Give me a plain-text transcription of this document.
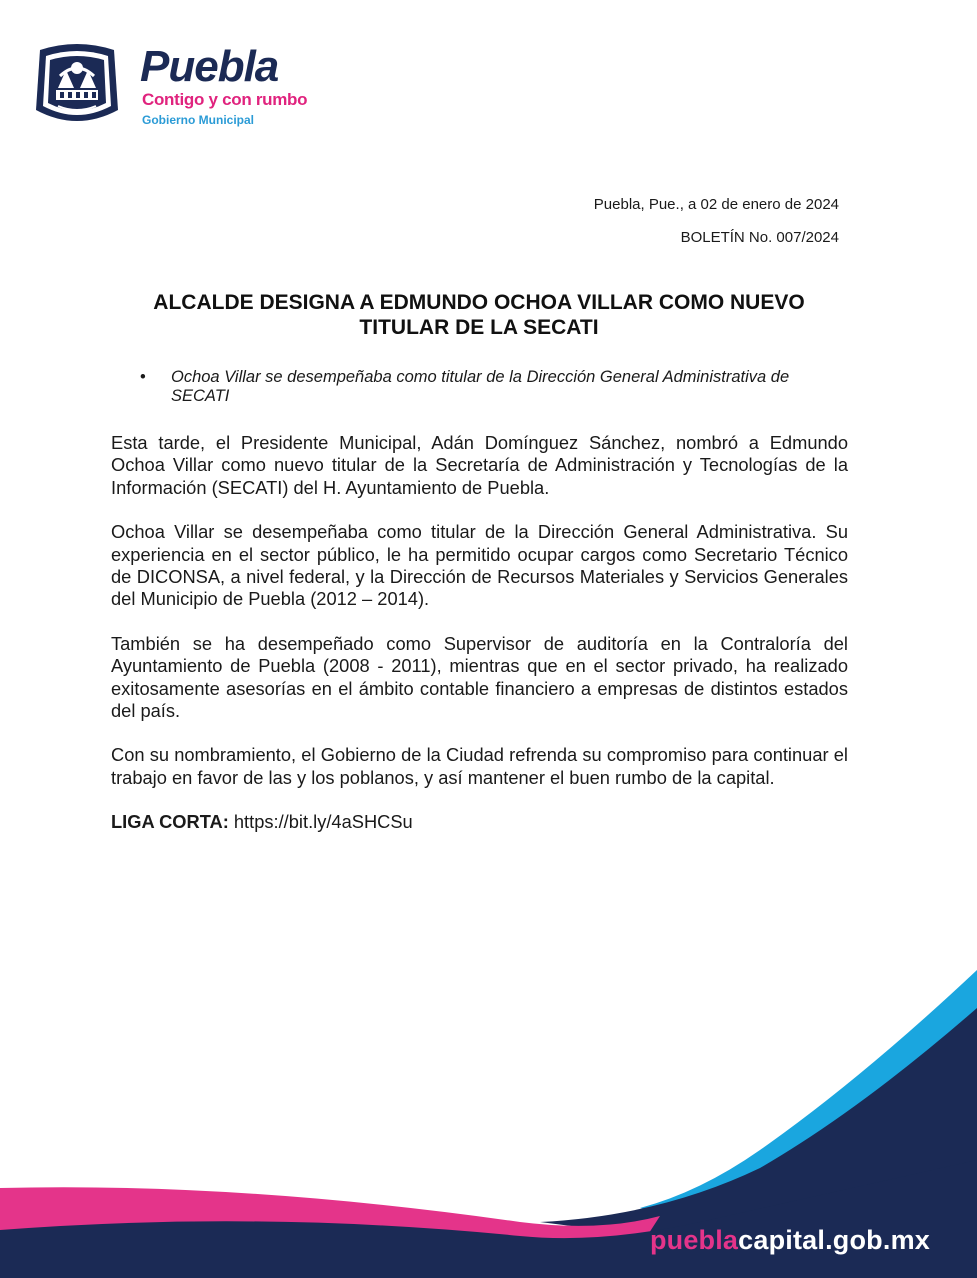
Puebla
Contigo y con rumbo
Gobierno Municipal
Puebla, Pue., a 02 de enero de 2024
BOLETÍN No. 007/2024
ALCALDE DESIGNA A EDMUNDO OCHOA VILLAR COMO NUEVO
TITULAR DE LA SECATI
• Ochoa Villar se desempeñaba como titular de la Dirección General Administrativa de SECATI

Esta tarde, el Presidente Municipal, Adán Domínguez Sánchez, nombró a Edmundo Ochoa Villar como nuevo titular de la Secretaría de Administración y Tecnologías de la Información (SECATI) del H. Ayuntamiento de Puebla.

Ochoa Villar se desempeñaba como titular de la Dirección General Administrativa. Su experiencia en el sector público, le ha permitido ocupar cargos como Secretario Técnico de DICONSA, a nivel federal, y la Dirección de Recursos Materiales y Servicios Generales del Municipio de Puebla (2012 – 2014).

También se ha desempeñado como Supervisor de auditoría en la Contraloría del Ayuntamiento de Puebla (2008 - 2011), mientras que en el sector privado, ha realizado exitosamente asesorías en el ámbito contable financiero a empresas de distintos estados del país.

Con su nombramiento, el Gobierno de la Ciudad refrenda su compromiso para continuar el trabajo en favor de las y los poblanos, y así mantener el buen rumbo de la capital.

LIGA CORTA: https://bit.ly/4aSHCSu

pueblacapital.gob.mx
